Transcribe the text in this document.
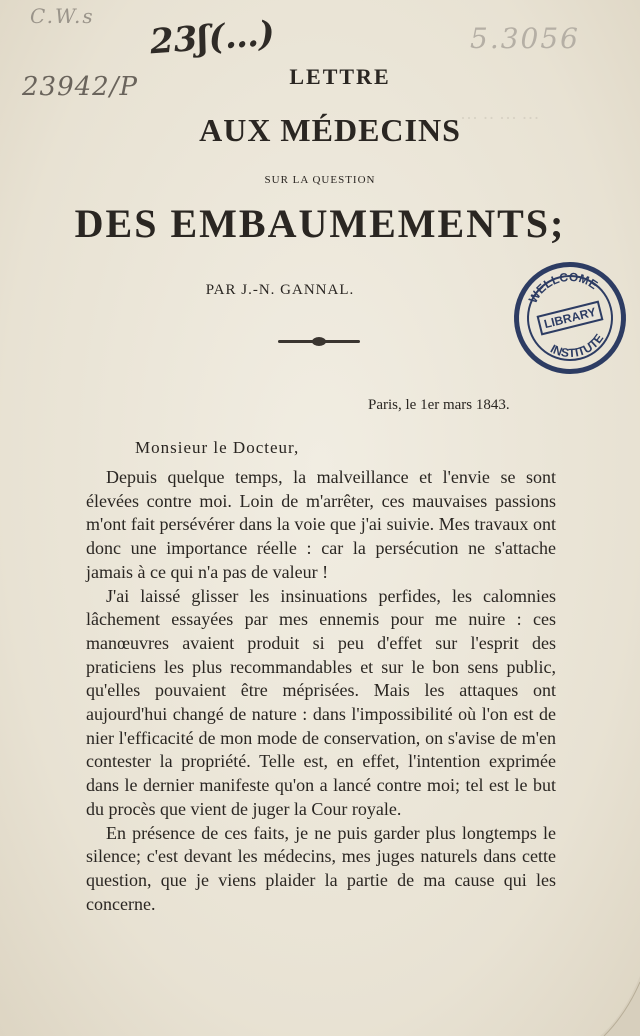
C.W.s 23ʃ(…)
23942/P
5.3056
··· ··· ·· ···
LETTRE
AUX MÉDECINS
SUR LA QUESTION
DES EMBAUMEMENTS;
PAR J.-N. GANNAL.	WELLCOME
INSTITUTE
LIBRARY
Paris, le 1er mars 1843.
Monsieur le Docteur,

Depuis quelque temps, la malveillance et l'envie se sont élevées contre moi. Loin de m'arrêter, ces mauvaises passions m'ont fait persévérer dans la voie que j'ai suivie. Mes travaux ont donc une importance réelle : car la persécution ne s'attache jamais à ce qui n'a pas de valeur !

J'ai laissé glisser les insinuations perfides, les calomnies lâchement essayées par mes ennemis pour me nuire : ces manœuvres avaient produit si peu d'effet sur l'esprit des praticiens les plus recommandables et sur le bon sens public, qu'elles pouvaient être méprisées. Mais les attaques ont aujourd'hui changé de nature : dans l'impossibilité où l'on est de nier l'efficacité de mon mode de conservation, on s'avise de m'en contester la propriété. Telle est, en effet, l'intention exprimée dans le dernier manifeste qu'on a lancé contre moi; tel est le but du procès que vient de juger la Cour royale.

En présence de ces faits, je ne puis garder plus longtemps le silence; c'est devant les médecins, mes juges naturels dans cette question, que je viens plaider la partie de ma cause qui les concerne.
